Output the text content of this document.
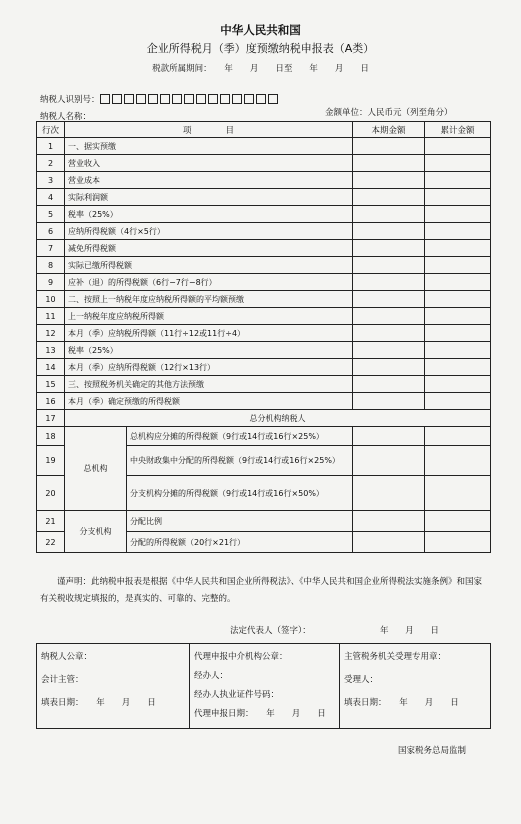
中华人民共和国
企业所得税月（季）度预缴纳税申报表（A类）
税款所属期间：　　年　　月　　日至　　年　　月　　日
纳税人识别号：
纳税人名称：	金额单位：人民币元（列至角分）
行次	项　　　　目		本期金额	累计金额
1	一、据实预缴			
2	营业收入			
3	营业成本			
4	实际利润额			
5	税率（25%）			
6	应纳所得税额（4行×5行）			
7	减免所得税额			
8	实际已缴所得税额			
9	应补（退）的所得税额（6行−7行−8行）			
10	二、按照上一纳税年度应纳税所得额的平均额预缴			
11	上一纳税年度应纳税所得额			
12	本月（季）应纳税所得额（11行÷12或11行÷4）			
13	税率（25%）			
14	本月（季）应纳所得税额（12行×13行）			
15	三、按照税务机关确定的其他方法预缴			
16	本月（季）确定预缴的所得税额			
17	总分机构纳税人			
18	总机构	总机构应分摊的所得税额（9行或14行或16行×25%）		
19		中央财政集中分配的所得税额（9行或14行或16行×25%）		
20		分支机构分摊的所得税额（9行或14行或16行×50%）		
21	分支机构	分配比例		
22		分配的所得税额（20行×21行）		
谨声明：此纳税申报表是根据《中华人民共和国企业所得税法》、《中华人民共和国企业所得税法实施条例》和国家有关税收规定填报的，是真实的、可靠的、完整的。
法定代表人（签字）：	年 月 日
纳税人公章：
会计主管：
填表日期：　　年　　月　　日

代理申报中介机构公章：
经办人：
经办人执业证件号码：
代理申报日期：　　年　　月　　日

主管税务机关受理专用章：
受理人：
填表日期：　　年　　月　　日
国家税务总局监制
